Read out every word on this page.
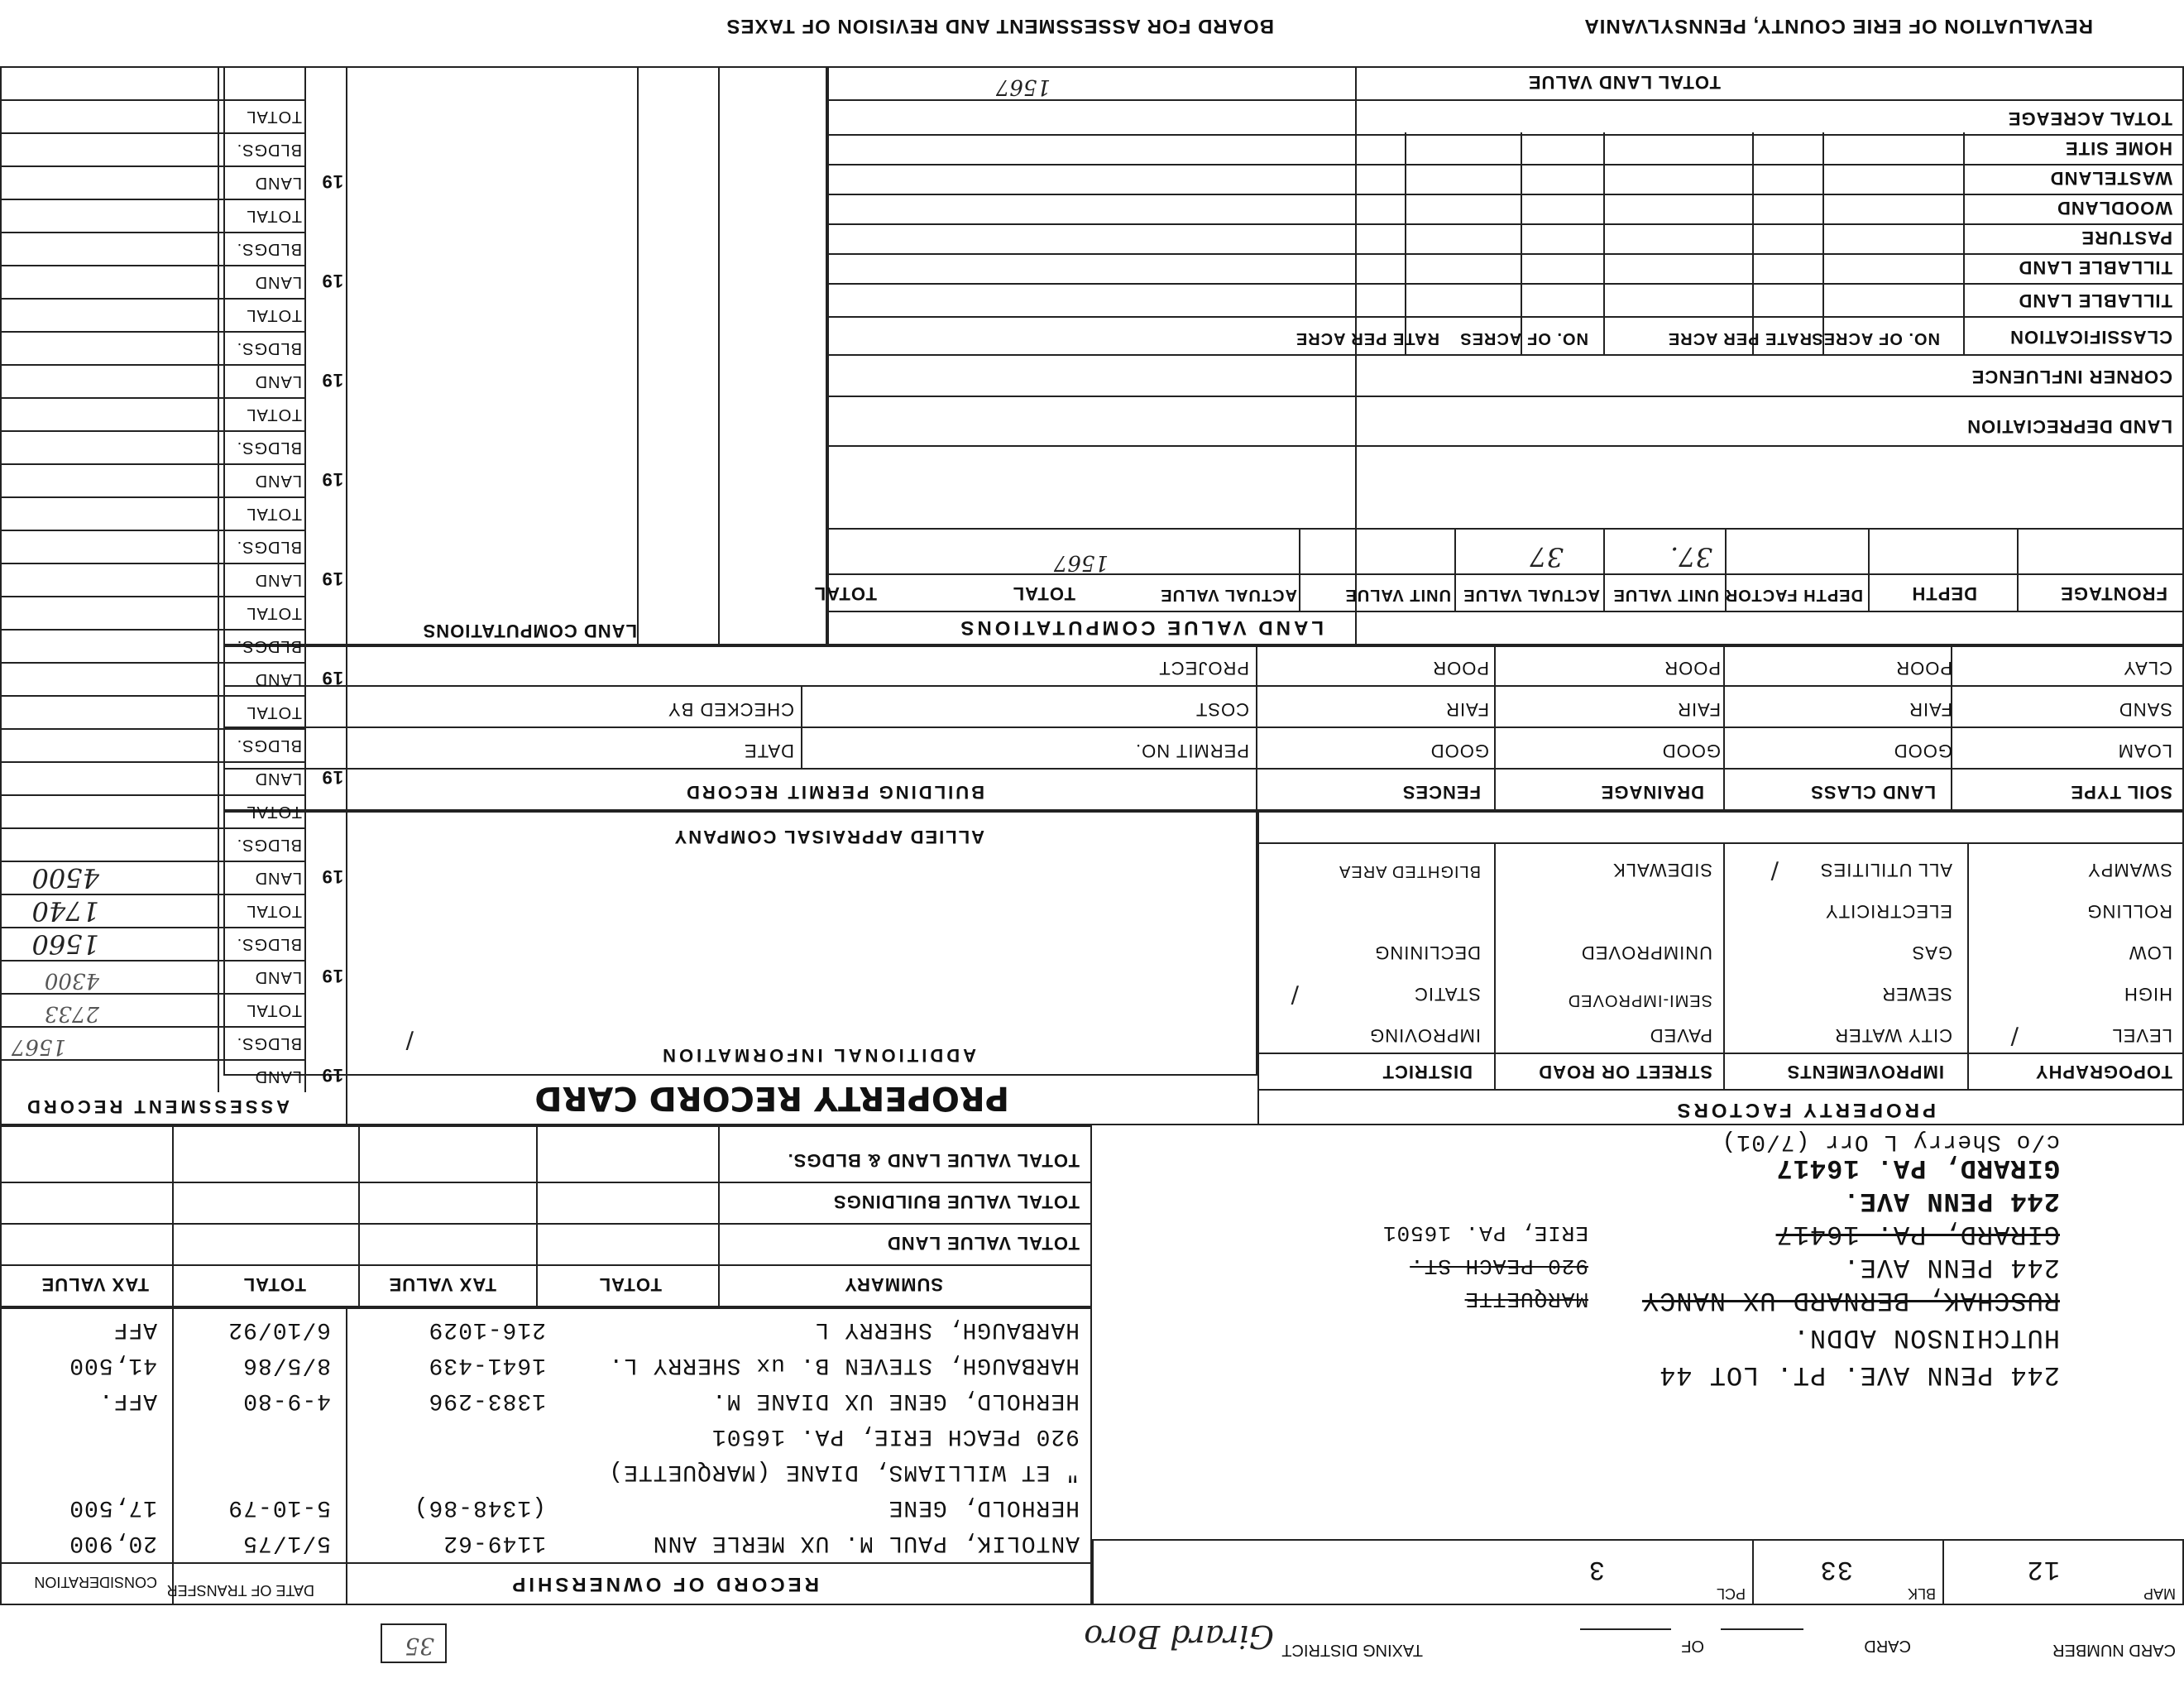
BOARD FOR ASSESSMENT AND REVISION OF TAXES	REVALUATION OF ERIE COUNTY, PENNSYLVANIA
TOTAL LAND VALUE
1567
TOTAL ACREAGE
HOME SITE
WASTELAND
WOODLAND
PASTURE
TILLABLE LAND
TILLABLE LAND
CLASSIFICATION
NO. OF ACRES
RATE PER ACRE
NO. OF ACRES
RATE PER ACRE
CORNER INFLUENCE
LAND DEPRECIATION
FRONTAGE
DEPTH
DEPTH FACTOR
UNIT VALUE
ACTUAL VALUE
UNIT VALUE
ACTUAL VALUE
TOTAL
TOTAL
37.
37
1567
LAND VALUE COMPUTATIONS
LAND COMPUTATIONS
SOIL TYPE
LAND CLASS
DRAINAGE
FENCES
LOAM
SAND
CLAY
GOOD
FAIR
POOR
GOOD
FAIR
POOR
GOOD
FAIR
POOR
BUILDING PERMIT RECORD
PERMIT NO.
COST
PROJECT
DATE
CHECKED BY
PROPERTY FACTORS
TOPOGRAPHY
IMPROVEMENTS
STREET OR ROAD
DISTRICT
LEVEL
HIGH
LOW
ROLLING
SWAMPY
CITY WATER
SEWER
GAS
ELECTRICITY
ALL UTILITIES
PAVED
SEMI-IMPROVED
UNIMPROVED
SIDEWALK
IMPROVING
STATIC
DECLINING
BLIGHTED AREA
/
/
/
ALLIED APPRAISAL COMPANY
ADDITIONAL INFORMATION
/
PROPERTY RECORD CARD
ASSESSMENT RECORD
1567
2733
4300
1560
1740
4500
TOTAL VALUE LAND & BLDGS.
TOTAL VALUE BUILDINGS
TOTAL VALUE LAND
SUMMARY
TOTAL
TAX VALUE
TOTAL
TAX VALUE
244 PENN AVE. PT. LOT 44
HUTCHINSON ADDN.
RUSCHAK, BERNARD UX NANCY
244 PENN AVE.
GIRARD, PA. 16417
244 PENN AVE.
GIRARD, PA. 16417
c/o Sherry L Orr (7/01)
MARQUETTE
920 PEACH ST.
ERIE, PA. 16501
RECORD OF OWNERSHIP
DATE OF TRANSFER
CONSIDERATION
MAP
12
BLK
33
PCL
3
CARD NUMBER
CARD
OF
TAXING DISTRICT
Girard Boro
35
LAND
BLDGS.
TOTAL
19
LAND
BLDGS.
TOTAL
19
LAND
BLDGS.
TOTAL
19
LAND
BLDGS.
TOTAL
19
LAND
BLDGS.
TOTAL
19
LAND
BLDGS.
TOTAL
19
LAND
BLDGS.
TOTAL
19
LAND
BLDGS.
TOTAL
19
LAND
BLDGS.
TOTAL
19
LAND
BLDGS.
TOTAL
19
ANTOLIK, PAUL M. UX MERLE ANN
1149-62
5/1/75
20,900
HERHOLD, GENE
(1348-86)
5-10-79
17,500
" ET WILLIAMS, DIANE (MARQUETTE)
920 PEACH ERIE, PA. 16501
HERHOLD, GENE UX DIANE M.
1383-296
4-9-80
AFF.
HARBAUGH, STEVEN B. ux SHERRY L.
1641-439
8/5/86
41,500
HARBAUGH, SHERRY L
216-1029
6/10/92
AFF
